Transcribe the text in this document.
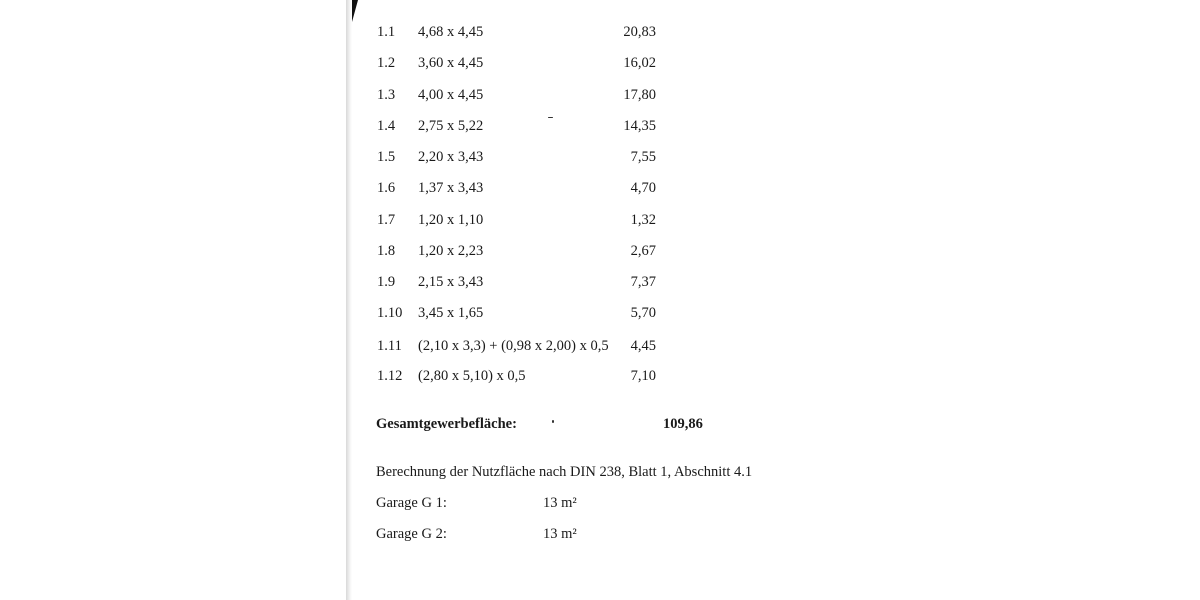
1.1 4,68 x 4,45	20,83
1.2 3,60 x 4,45	16,02
1.3 4,00 x 4,45	17,80
1.4 2,75 x 5,22	14,35
1.5 2,20 x 3,43	7,55
1.6 1,37 x 3,43	4,70
1.7 1,20 x 1,10	1,32
1.8 1,20 x 2,23	2,67
1.9 2,15 x 3,43	7,37
1.10 3,45 x 1,65	5,70
1.11 (2,10 x 3,3) + (0,98 x 2,00) x 0,5	4,45
1.12 (2,80 x 5,10) x 0,5	7,10
Gesamtgewerbefläche:	109,86
Berechnung der Nutzfläche nach DIN 238, Blatt 1, Abschnitt 4.1
Garage G 1:	13 m²
Garage G 2:	13 m²
